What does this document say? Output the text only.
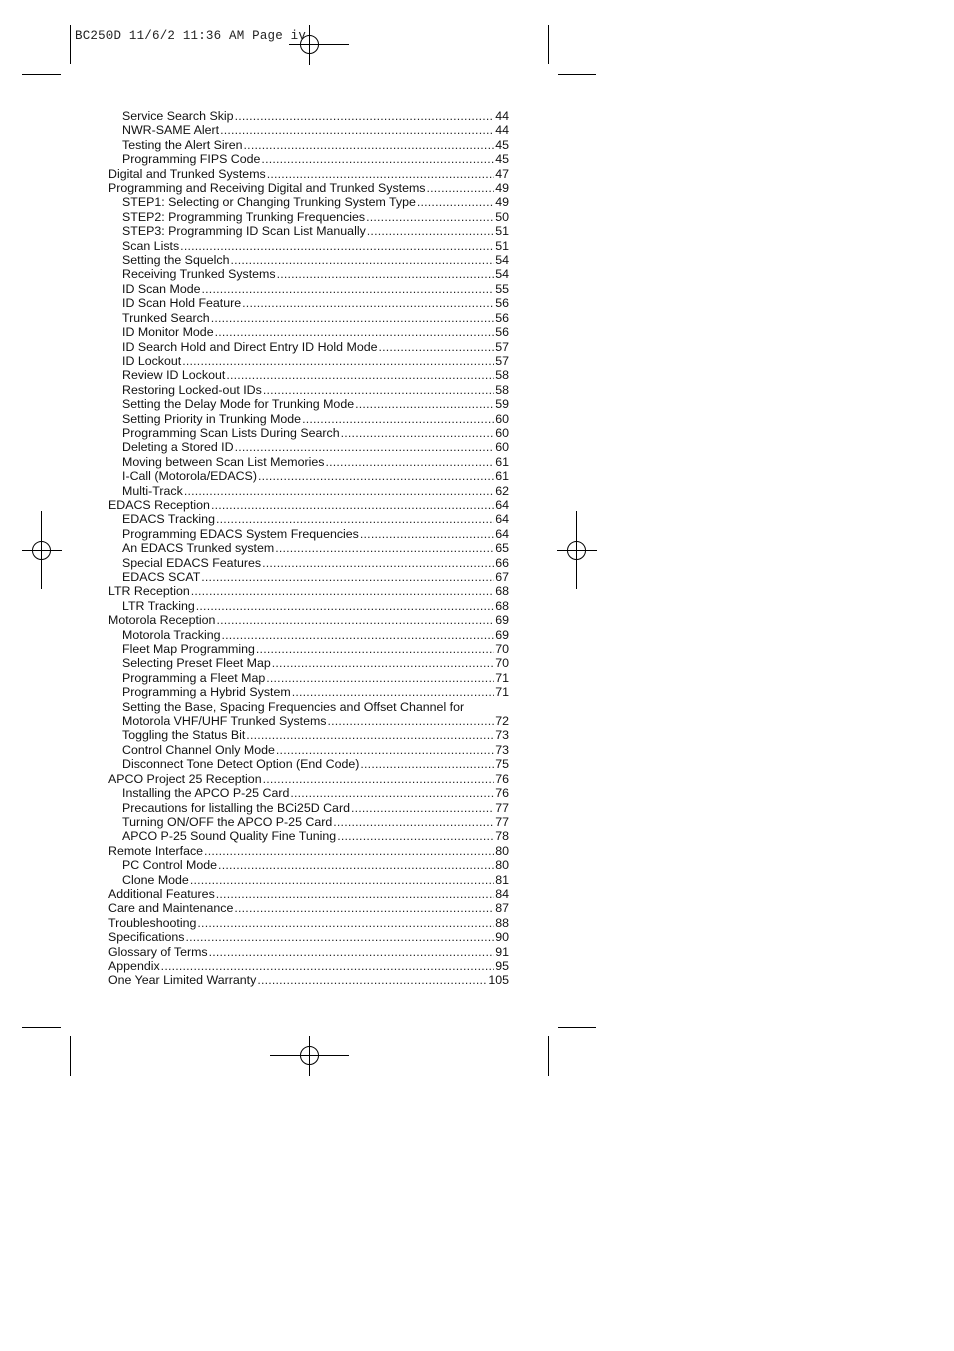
BC250D 11/6/2 11:36 AM Page iv
Service Search Skip .....	44
NWR-SAME Alert .....	44
Testing the Alert Siren .....	45
Programming FIPS Code .....	45
Digital and Trunked Systems .....	47
Programming and Receiving Digital and Trunked Systems .....	49
STEP1: Selecting or Changing Trunking System Type .....	49
STEP2: Programming Trunking Frequencies .....	50
STEP3: Programming ID Scan List Manually .....	51
Scan Lists .....	51
Setting the Squelch .....	54
Receiving Trunked Systems .....	54
ID Scan Mode .....	55
ID Scan Hold Feature .....	56
Trunked Search .....	56
ID Monitor Mode .....	56
ID Search Hold and Direct Entry ID Hold Mode .....	57
ID Lockout .....	57
Review ID Lockout .....	58
Restoring Locked-out IDs .....	58
Setting the Delay Mode for Trunking Mode .....	59
Setting Priority in Trunking Mode .....	60
Programming Scan Lists During Search .....	60
Deleting a Stored ID .....	60
Moving between Scan List Memories .....	61
I-Call (Motorola/EDACS) .....	61
Multi-Track .....	62
EDACS Reception .....	64
EDACS Tracking .....	64
Programming EDACS System Frequencies .....	64
An EDACS Trunked system .....	65
Special EDACS Features .....	66
EDACS SCAT .....	67
LTR Reception .....	68
LTR Tracking .....	68
Motorola Reception .....	69
Motorola Tracking .....	69
Fleet Map Programming .....	70
Selecting Preset Fleet Map .....	70
Programming a Fleet Map .....	71
Programming a Hybrid System .....	71
Setting the Base, Spacing Frequencies and Offset Channel for
Motorola VHF/UHF Trunked Systems .....	72
Toggling the Status Bit .....	73
Control Channel Only Mode .....	73
Disconnect Tone Detect Option (End Code) .....	75
APCO Project 25 Reception .....	76
Installing the APCO P-25 Card .....	76
Precautions for listalling the BCi25D Card .....	77
Turning ON/OFF the APCO P-25 Card .....	77
APCO P-25 Sound Quality Fine Tuning .....	78
Remote Interface .....	80
PC Control Mode .....	80
Clone Mode .....	81
Additional Features .....	84
Care and Maintenance .....	87
Troubleshooting .....	88
Specifications .....	90
Glossary of Terms .....	91
Appendix .....	95
One Year Limited Warranty .....	105
